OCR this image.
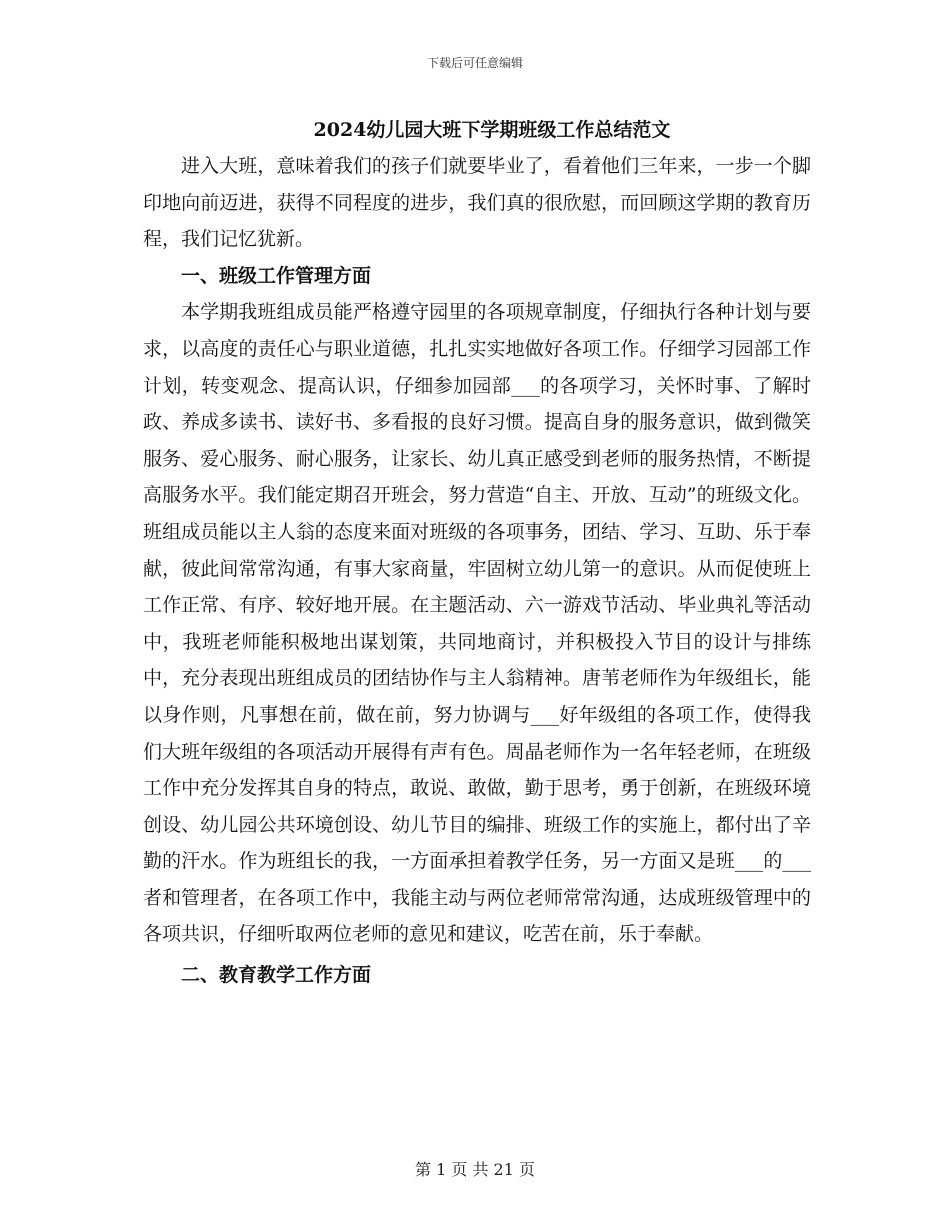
下载后可任意编辑
2024幼儿园大班下学期班级工作总结范文

进入大班，意味着我们的孩子们就要毕业了，看着他们三年来，一步一个脚印地向前迈进，获得不同程度的进步，我们真的很欣慰，而回顾这学期的教育历程，我们记忆犹新。

一、班级工作管理方面

本学期我班组成员能严格遵守园里的各项规章制度，仔细执行各种计划与要求，以高度的责任心与职业道德，扎扎实实地做好各项工作。仔细学习园部工作计划，转变观念、提高认识，仔细参加园部___的各项学习，关怀时事、了解时政、养成多读书、读好书、多看报的良好习惯。提高自身的服务意识，做到微笑服务、爱心服务、耐心服务，让家长、幼儿真正感受到老师的服务热情，不断提高服务水平。我们能定期召开班会，努力营造“自主、开放、互动”的班级文化。班组成员能以主人翁的态度来面对班级的各项事务，团结、学习、互助、乐于奉献，彼此间常常沟通，有事大家商量，牢固树立幼儿第一的意识。从而促使班上工作正常、有序、较好地开展。在主题活动、六一游戏节活动、毕业典礼等活动中，我班老师能积极地出谋划策，共同地商讨，并积极投入节目的设计与排练中，充分表现出班组成员的团结协作与主人翁精神。唐苇老师作为年级组长，能以身作则，凡事想在前，做在前，努力协调与___好年级组的各项工作，使得我们大班年级组的各项活动开展得有声有色。周晶老师作为一名年轻老师，在班级工作中充分发挥其自身的特点，敢说、敢做，勤于思考，勇于创新，在班级环境创设、幼儿园公共环境创设、幼儿节目的编排、班级工作的实施上，都付出了辛勤的汗水。作为班组长的我，一方面承担着教学任务，另一方面又是班___的___者和管理者，在各项工作中，我能主动与两位老师常常沟通，达成班级管理中的各项共识，仔细听取两位老师的意见和建议，吃苦在前，乐于奉献。

二、教育教学工作方面
第 1 页 共 21 页
